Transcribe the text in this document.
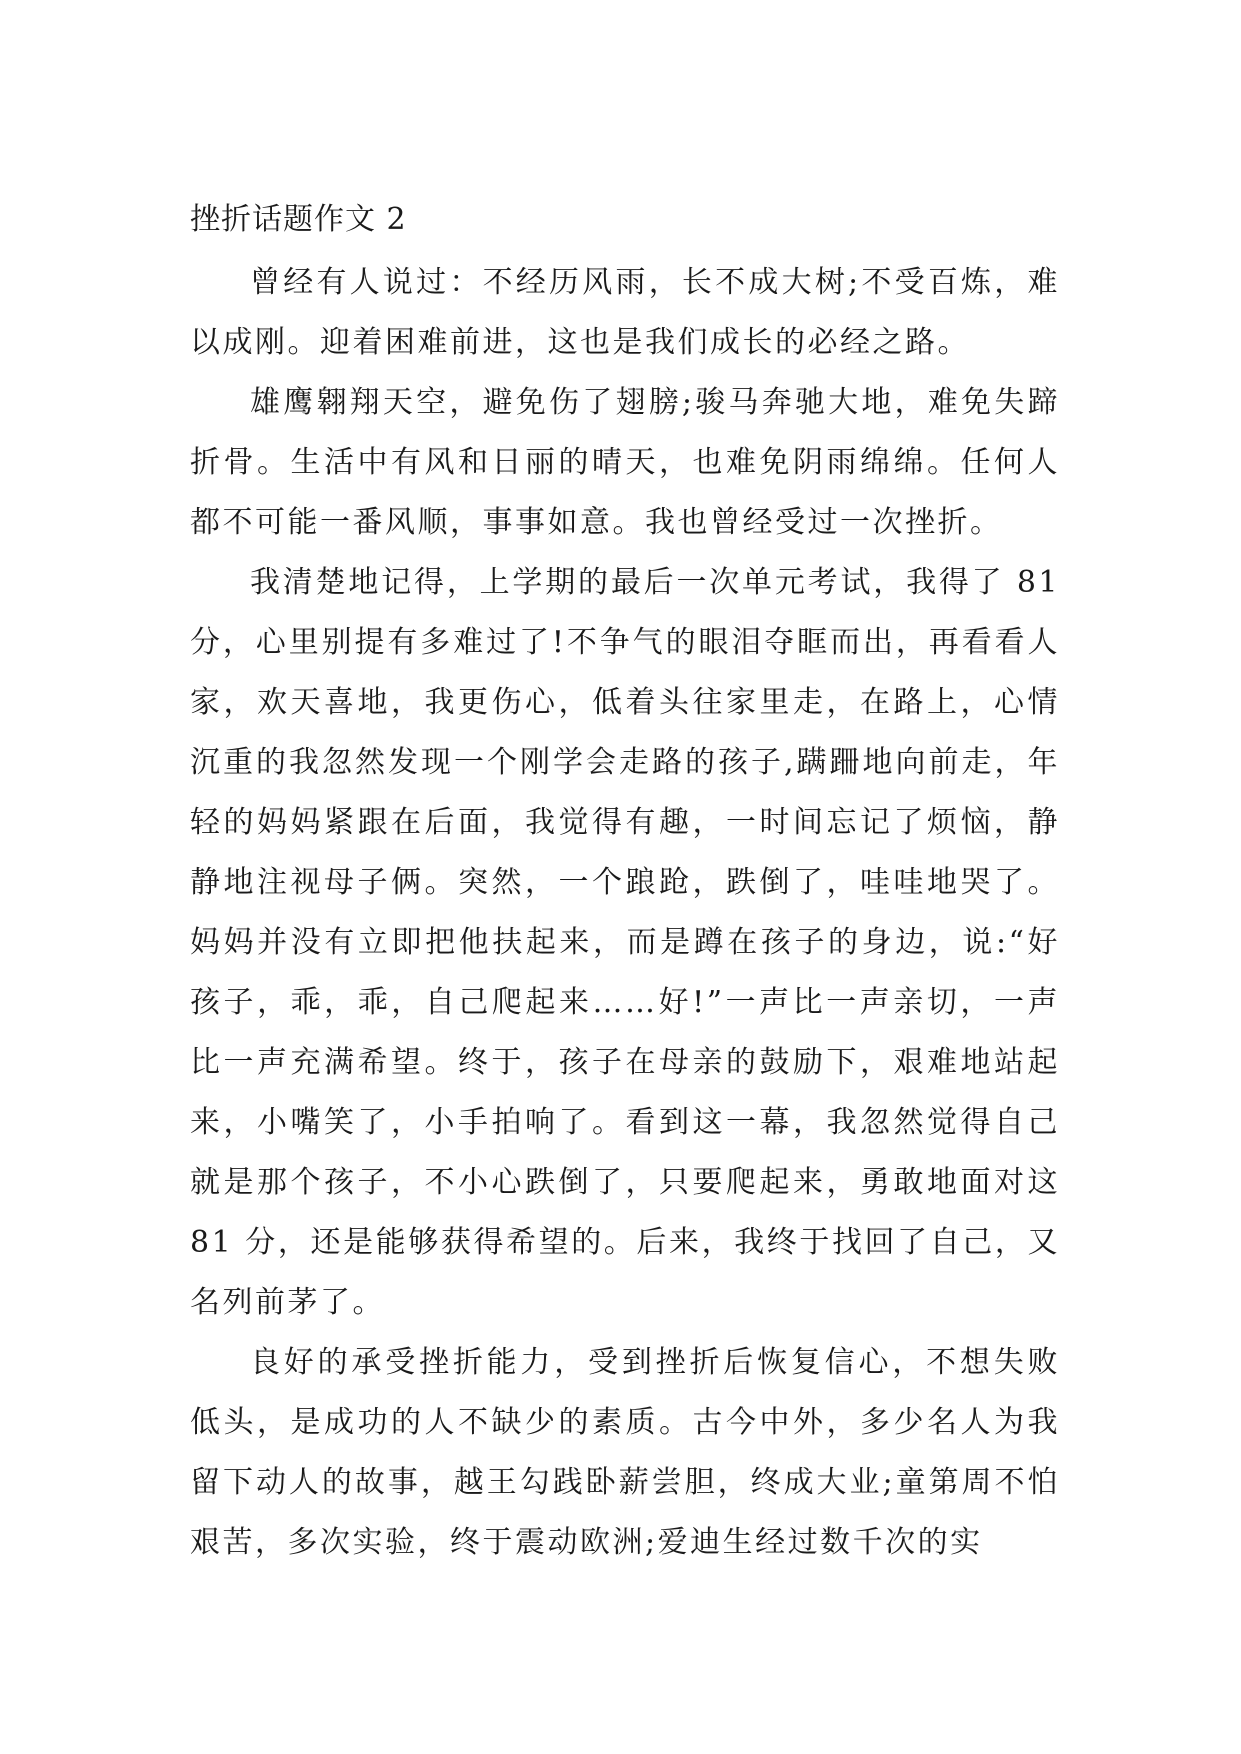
挫折话题作文 2

曾经有人说过：不经历风雨，长不成大树;不受百炼，难以成刚。迎着困难前进，这也是我们成长的必经之路。

雄鹰翱翔天空，避免伤了翅膀;骏马奔驰大地，难免失蹄折骨。生活中有风和日丽的晴天，也难免阴雨绵绵。任何人都不可能一番风顺，事事如意。我也曾经受过一次挫折。

我清楚地记得，上学期的最后一次单元考试，我得了 81 分，心里别提有多难过了!不争气的眼泪夺眶而出，再看看人家，欢天喜地，我更伤心，低着头往家里走，在路上，心情沉重的我忽然发现一个刚学会走路的孩子,蹒跚地向前走，年轻的妈妈紧跟在后面，我觉得有趣，一时间忘记了烦恼，静静地注视母子俩。突然，一个踉跄，跌倒了，哇哇地哭了。妈妈并没有立即把他扶起来，而是蹲在孩子的身边，说:“好孩子，乖，乖，自己爬起来……好!”一声比一声亲切，一声比一声充满希望。终于，孩子在母亲的鼓励下，艰难地站起来，小嘴笑了，小手拍响了。看到这一幕，我忽然觉得自己就是那个孩子，不小心跌倒了，只要爬起来，勇敢地面对这 81 分，还是能够获得希望的。后来，我终于找回了自己，又名列前茅了。

良好的承受挫折能力，受到挫折后恢复信心，不想失败低头，是成功的人不缺少的素质。古今中外，多少名人为我留下动人的故事，越王勾践卧薪尝胆，终成大业;童第周不怕艰苦，多次实验，终于震动欧洲;爱迪生经过数千次的实
